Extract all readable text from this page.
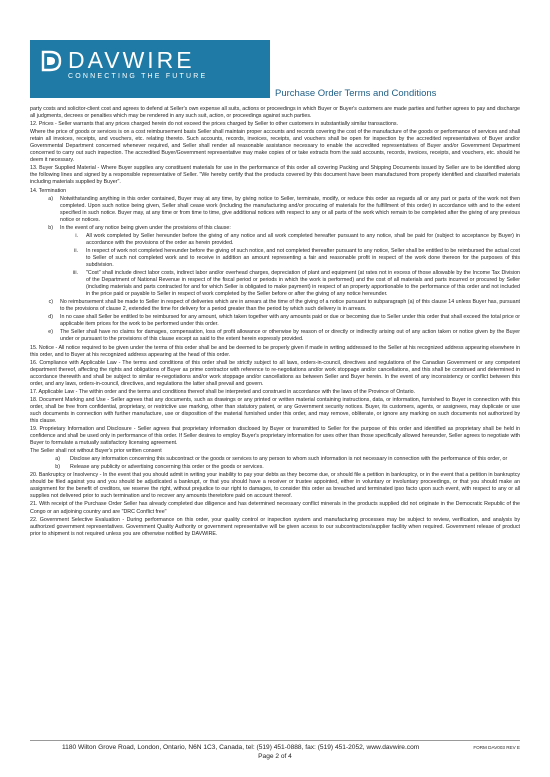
DAVWIRE
CONNECTING THE FUTURE
Purchase Order Terms and Conditions

party costs and solicitor-client cost and agrees to defend at Seller's own expense all suits, actions or proceedings in which Buyer or Buyer's customers are made parties and further agrees to pay and discharge all judgments, decrees or penalties which may be rendered in any such suit, action, or proceedings against such parties.

12. Prices - Seller warrants that any prices charged herein do not exceed the prices charged by Seller to other customers in substantially similar transactions.

Where the price of goods or services is on a cost reimbursement basis Seller shall maintain proper accounts and records covering the cost of the manufacture of the goods or performance of services and shall retain all invoices, receipts, and vouchers, etc. relating thereto. Such accounts, records, invoices, receipts, and vouchers shall be open for inspection by the accredited representatives of Buyer and/or Governmental Department concerned whenever required, and Seller shall render all reasonable assistance necessary to enable the accredited representatives of Buyer and/or Government Department concerned to carry out such inspection. The accredited Buyer/Government representative may make copies of or take extracts from the said accounts, records, invoices, receipts, and vouchers, etc. should he deem it necessary.

13. Buyer Supplied Material - Where Buyer supplies any constituent materials for use in the performance of this order all covering Packing and Shipping Documents issued by Seller are to be identified along the following lines and signed by a responsible representative of Seller. "We hereby certify that the products covered by this document have been manufactured from properly identified and classified materials including materials supplied by Buyer".

14. Termination

a)	Notwithstanding anything in this order contained, Buyer may at any time, by giving notice to Seller, terminate, modify, or reduce this order as regards all or any part or parts of the work not then completed. Upon such notice being given, Seller shall cease work (including the manufacturing and/or procuring of materials for the fulfillment of this order) in accordance with and to the extent specified in such notice. Buyer may, at any time or from time to time, give additional notices with respect to any or all parts of the work which remain to be completed after the giving of any previous notice or notices.
b)	In the event of any notice being given under the provisions of this clause:
i.	All work completed by Seller hereunder before the giving of any notice and all work completed hereafter pursuant to any notice, shall be paid for (subject to acceptance by Buyer) in accordance with the provisions of the order as herein provided.
ii.	In respect of work not completed hereunder before the giving of such notice, and not completed thereafter pursuant to any notice, Seller shall be entitled to be reimbursed the actual cost to Seller of such not completed work and to receive in addition an amount representing a fair and reasonable profit in respect of the work done thereon for the purposes of this subdivision.
iii.	"Cost" shall include direct labor costs, indirect labor and/or overhead charges, depreciation of plant and equipment (at rates not in excess of those allowable by the Income Tax Division of the Department of National Revenue in respect of the fiscal period or periods in which the work is performed) and the cost of all materials and parts incurred or procured by Seller (including materials and parts contracted for and for which Seller is obligated to make payment) in respect of an property apportionable to the performance of this order and not included in the price paid or payable to Seller in respect of work completed by the Seller before or after the giving of any notice hereunder.
c)	No reimbursement shall be made to Seller in respect of deliveries which are in arrears at the time of the giving of a notice pursuant to subparagraph (a) of this clause 14 unless Buyer has, pursuant to the provisions of clause 2, extended the time for delivery for a period greater than the period by which such delivery is in arrears.
d)	In no case shall Seller be entitled to be reimbursed for any amount, which taken together with any amounts paid or due or becoming due to Seller under this order that shall exceed the total price or applicable item prices for the work to be performed under this order.
e)	The Seller shall have no claims for damages, compensation, loss of profit allowance or otherwise by reason of or directly or indirectly arising out of any action taken or notice given by the Buyer under or pursuant to the provisions of this clause except as said to the extent herein expressly provided.

15. Notice - All notice required to be given under the terms of this order shall be and be deemed to be properly given if made in writing addressed to the Seller at his recognized address appearing elsewhere in this order, and to Buyer at his recognized address appearing at the head of this order.

16. Compliance with Applicable Law - The terms and conditions of this order shall be strictly subject to all laws, orders-in-council, directives and regulations of the Canadian Government or any competent department thereof, affecting the rights and obligations of Buyer as prime contractor with reference to re-negotiations and/or work stoppage and/or cancellations, and this shall be construed and determined in accordance therewith and shall be subject to similar re-negotiations and/or work stoppage and/or cancellations as between Seller and Buyer herein. In the event of any inconsistency or conflict between this order, and any laws, orders-in-council, directives, and regulations the latter shall prevail and govern.

17. Applicable Law - The within order and the terms and conditions thereof shall be interpreted and construed in accordance with the laws of the Province of Ontario.

18. Document Marking and Use - Seller agrees that any documents, such as drawings or any printed or written material containing instructions, data, or information, furnished to Buyer in connection with this order, shall be free from confidential, proprietary, or restrictive use marking, other than statutory patent, or any Government security notices. Buyer, its customers, agents, or assignees, may duplicate or use such documents in connection with further manufacture, use or disposition of the material furnished under this order, and may remove, obliterate, or ignore any marking on such documents not authorized by this clause.

19. Proprietary Information and Disclosure - Seller agrees that proprietary information disclosed by Buyer or transmitted to Seller for the purpose of this order and identified as proprietary shall be held in confidence and shall be used only in performance of this order. If Seller desires to employ Buyer's proprietary information for uses other than those specifically allowed hereunder, Seller agrees to negotiate with Buyer to formulate a mutually satisfactory licensing agreement.

The Seller shall not without Buyer's prior written consent

a)	Disclose any information concerning this subcontract or the goods or services to any person to whom such information is not necessary in connection with the performance of this order, or
b)	Release any publicity or advertising concerning this order or the goods or services.

20. Bankruptcy or Insolvency - In the event that you should admit in writing your inability to pay your debts as they become due, or should file a petition in bankruptcy, or in the event that a petition in bankruptcy should be filed against you and you should be adjudicated a bankrupt, or that you should have a receiver or trustee appointed, either in voluntary or involuntary proceedings, or that you should make an assignment for the benefit of creditors, we reserve the right, without prejudice to our right to damages, to consider this order as breached and terminated ipso facto upon such event, with respect to any or all supplies not delivered prior to such termination and to recover any amounts theretofore paid on account thereof.

21. With receipt of the Purchase Order Seller has already completed due diligence and has determined necessary conflict minerals in the products supplied did not originate in the Democratic Republic of the Congo or an adjoining country and are "DRC Conflict free"

22. Government Selective Evaluation - During performance on this order, your quality control or inspection system and manufacturing processes may be subject to review, verification, and analysis by authorized government representatives. Government Quality Authority or government representative will be given access to our subcontractors/supplier facility when required. Government release of product prior to shipment is not required unless you are otherwise notified by DAVWIRE.

1180 Wilton Grove Road, London, Ontario, N6N 1C3, Canada, tel: (519) 451-0888, fax: (519) 451-2052, www.davwire.com	FORM DAV003 REV E
Page 2 of 4
